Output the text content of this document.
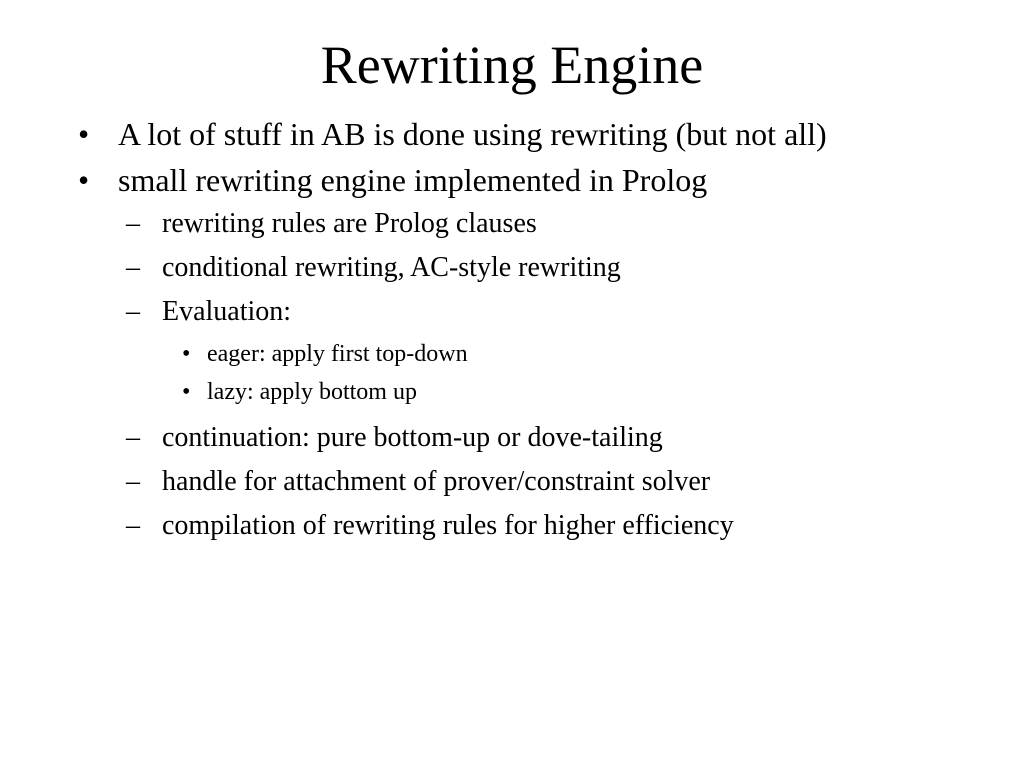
Rewriting Engine
• A lot of stuff in AB is done using rewriting (but not all)
• small rewriting engine implemented in Prolog
– rewriting rules are Prolog clauses
– conditional rewriting, AC-style rewriting
– Evaluation:
• eager: apply first top-down
• lazy: apply bottom up
– continuation: pure bottom-up or dove-tailing
– handle for attachment of prover/constraint solver
– compilation of rewriting rules for higher efficiency
